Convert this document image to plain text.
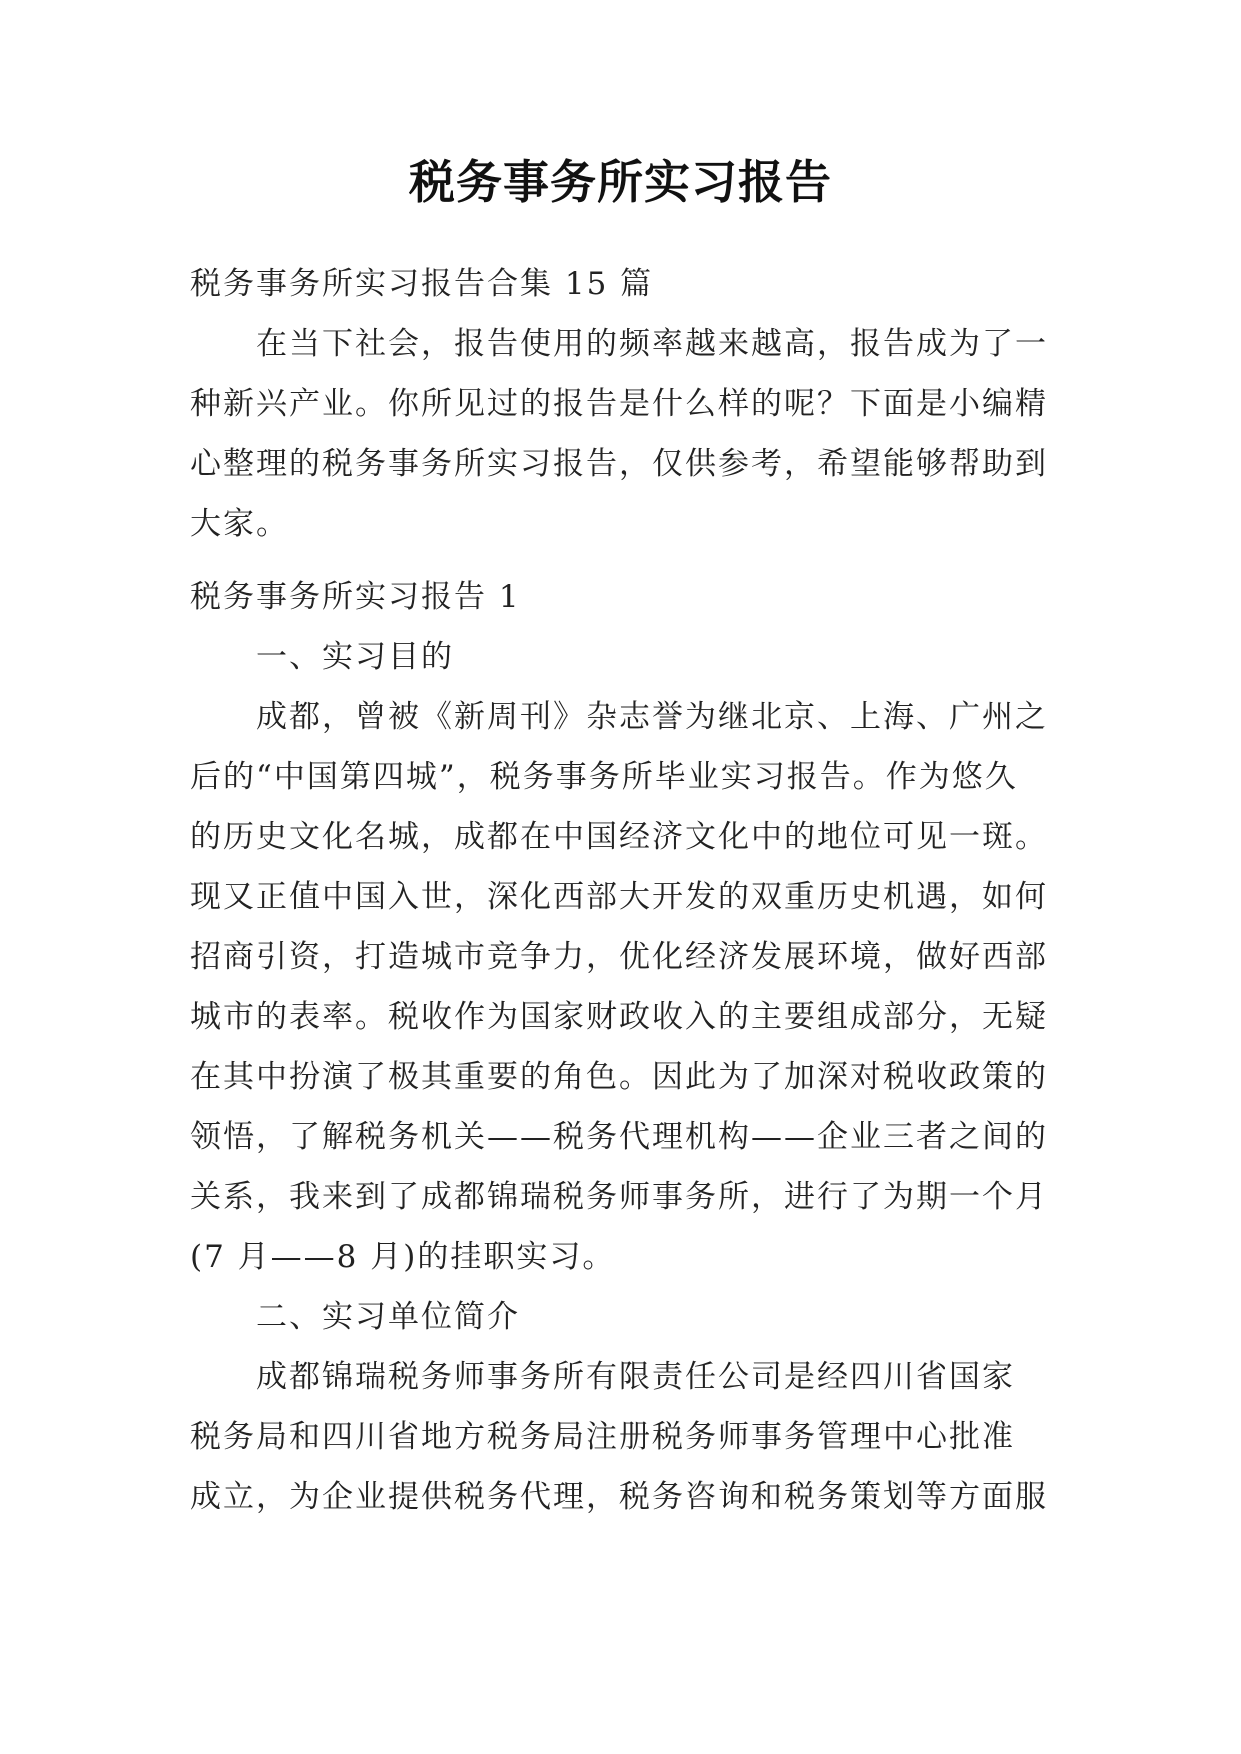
税务事务所实习报告
税务事务所实习报告合集 15 篇
在当下社会，报告使用的频率越来越高，报告成为了一
种新兴产业。你所见过的报告是什么样的呢？下面是小编精
心整理的税务事务所实习报告，仅供参考，希望能够帮助到
大家。
税务事务所实习报告 1
一、实习目的
成都，曾被《新周刊》杂志誉为继北京、上海、广州之
后的“中国第四城”，税务事务所毕业实习报告。作为悠久
的历史文化名城，成都在中国经济文化中的地位可见一斑。
现又正值中国入世，深化西部大开发的双重历史机遇，如何
招商引资，打造城市竞争力，优化经济发展环境，做好西部
城市的表率。税收作为国家财政收入的主要组成部分，无疑
在其中扮演了极其重要的角色。因此为了加深对税收政策的
领悟，了解税务机关——税务代理机构——企业三者之间的
关系，我来到了成都锦瑞税务师事务所，进行了为期一个月
(7 月——8 月)的挂职实习。
二、实习单位简介
成都锦瑞税务师事务所有限责任公司是经四川省国家
税务局和四川省地方税务局注册税务师事务管理中心批准
成立，为企业提供税务代理，税务咨询和税务策划等方面服
